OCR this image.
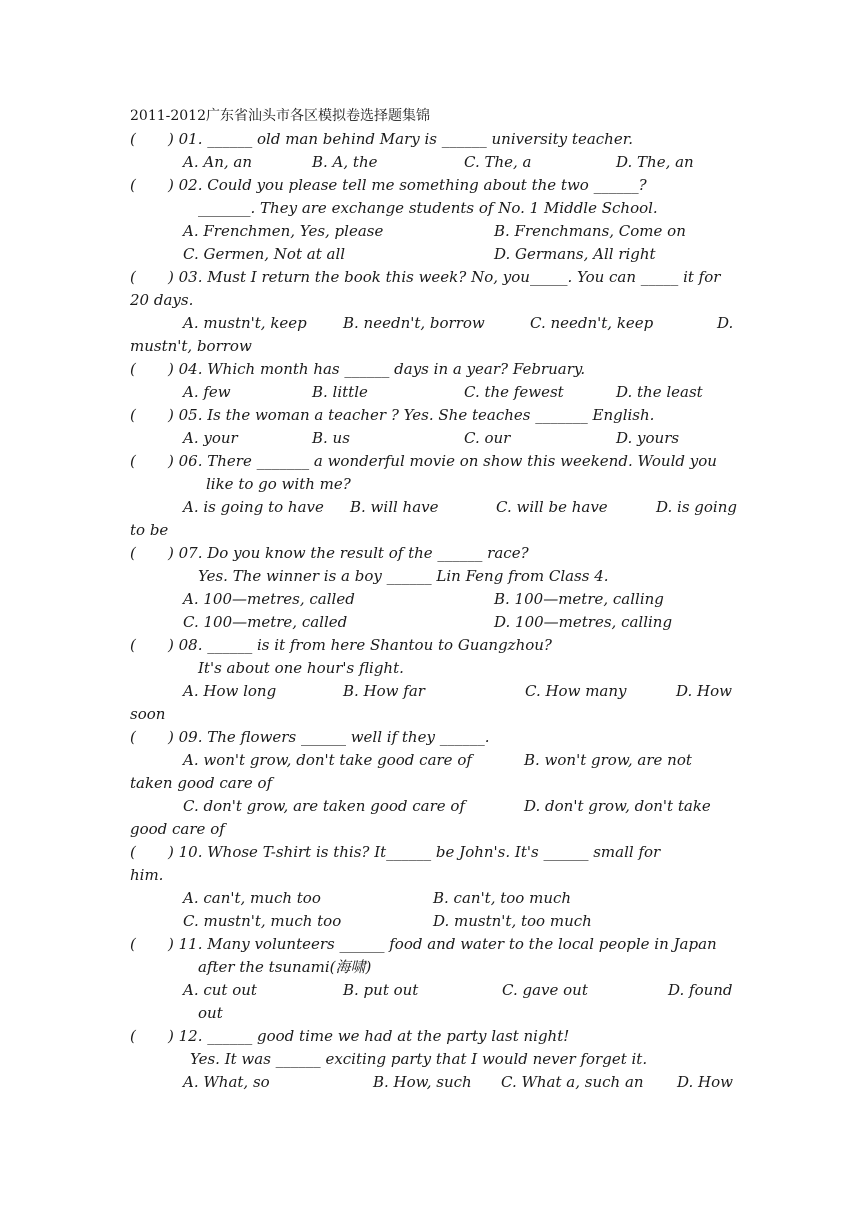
2011-2012广东省汕头市各区模拟卷选择题集锦
( ) 01. ______ old man behind Mary is ______ university teacher.
A. An, an	B. A, the	C. The, a	D. The, an
( ) 02. Could you please tell me something about the two ______?
_______. They are exchange students of No. 1 Middle School.
A. Frenchmen, Yes, please	B. Frenchmans, Come on
C. Germen, Not at all	D. Germans, All right
( ) 03. Must I return the book this week? No, you_____. You can _____ it for
20 days.
A. mustn't, keep B. needn't, borrow	C. needn't, keep	D.
mustn't, borrow
( ) 04. Which month has ______ days in a year? February.
A. few	B. little	C. the fewest	D. the least
( ) 05. Is the woman a teacher ? Yes. She teaches _______ English.
A. your	B. us	C. our	D. yours
( ) 06. There _______ a wonderful movie on show this weekend. Would you
like to go with me?
A. is going to have B. will have	C. will be have	D. is going
to be
( ) 07. Do you know the result of the ______ race?
Yes. The winner is a boy ______ Lin Feng from Class 4.
A. 100—metres, called	B. 100—metre, calling
C. 100—metre, called	D. 100—metres, calling
( ) 08. ______ is it from here Shantou to Guangzhou?
It's about one hour's flight.
A. How long	B. How far	C. How many	D. How
soon
( ) 09. The flowers ______ well if they ______.
A. won't grow, don't take good care of	B. won't grow, are not
taken good care of
C. don't grow, are taken good care of	D. don't grow, don't take
good care of
( ) 10. Whose T-shirt is this? It______ be John's. It's ______ small for
him.
A. can't, much too	B. can't, too much
C. mustn't, much too	D. mustn't, too much
( ) 11. Many volunteers ______ food and water to the local people in Japan
after the tsunami(海啸)
A. cut out	B. put out	C. gave out	D. found
out
( ) 12. ______ good time we had at the party last night!
Yes. It was ______ exciting party that I would never forget it.
A. What, so	B. How, such C. What a, such an D. How
